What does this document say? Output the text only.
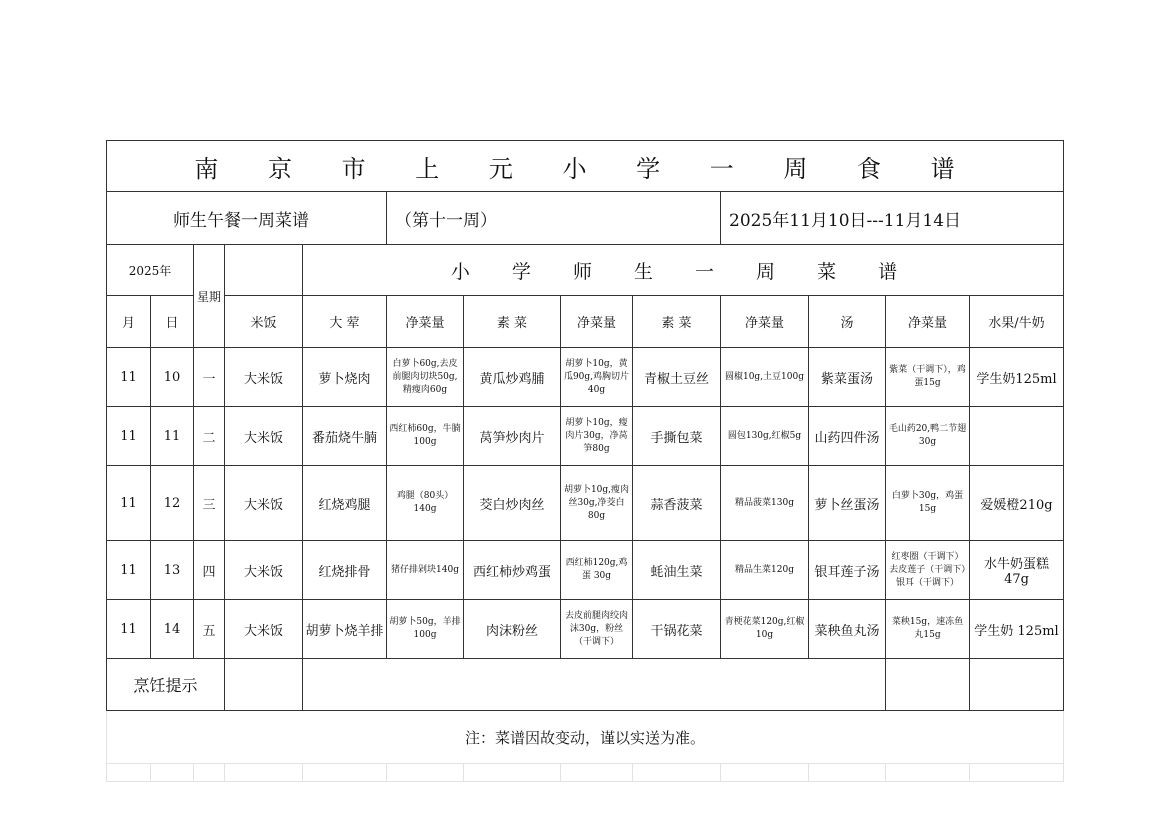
南 京 市 上 元 小 学 一 周 食 谱												
师生午餐一周菜谱					（第十一周）				2025年11月10日---11月14日			
2025年		星期		小 学 师 生 一 周 菜 谱								
月	日		米饭	大 荤	净菜量	素 菜	净菜量	素 菜	净菜量	汤	净菜量	水果/牛奶
11	10	一	大米饭	萝卜烧肉	白萝卜60g,去皮前腿肉切块50g,精瘦肉60g	黄瓜炒鸡脯	胡萝卜10g，黄瓜90g,鸡胸切片40g	青椒土豆丝	圆椒10g,土豆100g	紫菜蛋汤	紫菜（干调下），鸡蛋15g	学生奶125ml
11	11	二	大米饭	番茄烧牛腩	西红柿60g，牛腩100g	莴笋炒肉片	胡萝卜10g，瘦肉片30g，净莴笋80g	手撕包菜	圆包130g,红椒5g	山药四件汤	毛山药20,鸭二节翅30g	
11	12	三	大米饭	红烧鸡腿	鸡腿（80头）140g	茭白炒肉丝	胡萝卜10g,瘦肉丝30g,净茭白80g	蒜香菠菜	精品菠菜130g	萝卜丝蛋汤	白萝卜30g，鸡蛋15g	爱媛橙210g
11	13	四	大米饭	红烧排骨	猪仔排剁块140g	西红柿炒鸡蛋	西红柿120g,鸡蛋 30g	蚝油生菜	精品生菜120g	银耳莲子汤	红枣圈（干调下）去皮莲子（干调下）银耳（干调下）	水牛奶蛋糕47g
11	14	五	大米饭	胡萝卜烧羊排	胡萝卜50g，羊排100g	肉沫粉丝	去皮前腿肉绞肉沫30g，粉丝（干调下）	干锅花菜	青梗花菜120g,红椒10g	菜秧鱼丸汤	菜秧15g，速冻鱼丸15g	学生奶 125ml
烹饪提示												
注：菜谱因故变动，谨以实送为准。												
